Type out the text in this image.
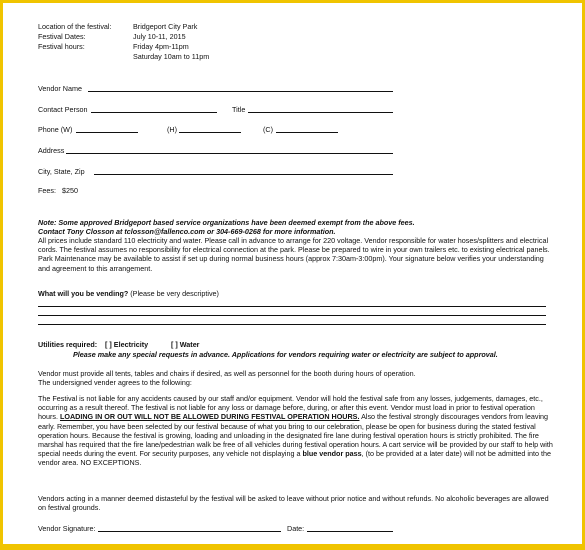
Location of the festival:	Bridgeport City Park
Festival Dates:	July 10-11, 2015
Festival hours:	Friday 4pm-11pm
Saturday 10am to 11pm
Vendor Name
Contact Person	Title
Phone (W)	(H)	(C)
Address
City, State, Zip
Fees: $250
Note: Some approved Bridgeport based service organizations have been deemed exempt from the above fees.
Contact Tony Closson at tclosson@fallenco.com or 304-669-0268 for more information.
All prices include standard 110 electricity and water. Please call in advance to arrange for 220 voltage. Vendor responsible for water hoses/splitters and electrical cords. The festival assumes no responsibility for electrical connection at the park. Please be prepared to wire in your own trailers etc. to existing electrical panels. Park Maintenance may be available to assist if set up during normal business hours (approx 7:30am-3:00pm). Your signature below verifies your understanding and agreement to this arrangement.
What will you be vending? (Please be very descriptive)
Utilities required: [ ] Electricity	[ ] Water
Please make any special requests in advance. Applications for vendors requiring water or electricity are subject to approval.
Vendor must provide all tents, tables and chairs if desired, as well as personnel for the booth during hours of operation.
The undersigned vender agrees to the following:
The Festival is not liable for any accidents caused by our staff and/or equipment. Vendor will hold the festival safe from any losses, judgements, damages, etc., occurring as a result thereof. The festival is not liable for any loss or damage before, during, or after this event. Vendor must load in prior to festival operation hours. LOADING IN OR OUT WILL NOT BE ALLOWED DURING FESTIVAL OPERATION HOURS. Also the festival strongly discourages vendors from leaving early. Remember, you have been selected by our festival because of what you bring to our celebration, please be open for business during the stated festival operation hours. Because the festival is growing, loading and unloading in the designated fire lane during festival operation hours is strictly prohibited. The fire marshal has required that the fire lane/pedestrian walk be free of all vehicles during festival operation hours. A cart service will be provided by our staff to help with special needs during the event. For security purposes, any vehicle not displaying a blue vendor pass, (to be provided at a later date) will not be admitted into the vendor area. NO EXCEPTIONS.
Vendors acting in a manner deemed distasteful by the festival will be asked to leave without prior notice and without refunds. No alcoholic beverages are allowed on festival grounds.
Vendor Signature:	Date:
